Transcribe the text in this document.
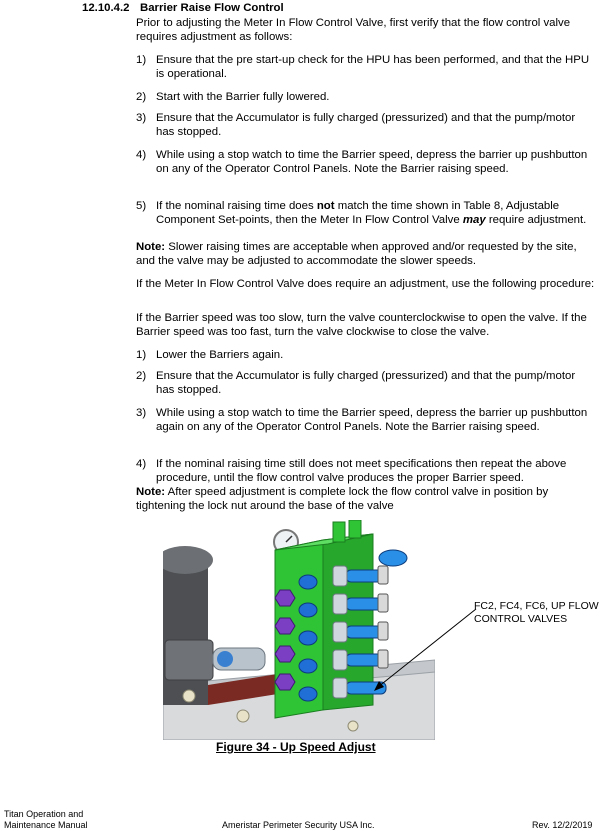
12.10.4.2 Barrier Raise Flow Control
Prior to adjusting the Meter In Flow Control Valve, first verify that the flow control valve requires adjustment as follows:
1) Ensure that the pre start-up check for the HPU has been performed, and that the HPU is operational.
2) Start with the Barrier fully lowered.
3) Ensure that the Accumulator is fully charged (pressurized) and that the pump/motor has stopped.
4) While using a stop watch to time the Barrier speed, depress the barrier up pushbutton on any of the Operator Control Panels. Note the Barrier raising speed.
5) If the nominal raising time does not match the time shown in Table 8, Adjustable Component Set-points, then the Meter In Flow Control Valve may require adjustment.
Note: Slower raising times are acceptable when approved and/or requested by the site, and the valve may be adjusted to accommodate the slower speeds.
If the Meter In Flow Control Valve does require an adjustment, use the following procedure:
If the Barrier speed was too slow, turn the valve counterclockwise to open the valve. If the Barrier speed was too fast, turn the valve clockwise to close the valve.
1) Lower the Barriers again.
2) Ensure that the Accumulator is fully charged (pressurized) and that the pump/motor has stopped.
3) While using a stop watch to time the Barrier speed, depress the barrier up pushbutton again on any of the Operator Control Panels. Note the Barrier raising speed.
4) If the nominal raising time still does not meet specifications then repeat the above procedure, until the flow control valve produces the proper Barrier speed.
Note: After speed adjustment is complete lock the flow control valve in position by tightening the lock nut around the base of the valve
FC2, FC4, FC6, UP FLOW CONTROL VALVES
Figure 34 - Up Speed Adjust
Titan Operation and
Maintenance Manual	Ameristar Perimeter Security USA Inc.	Rev. 12/2/2019
